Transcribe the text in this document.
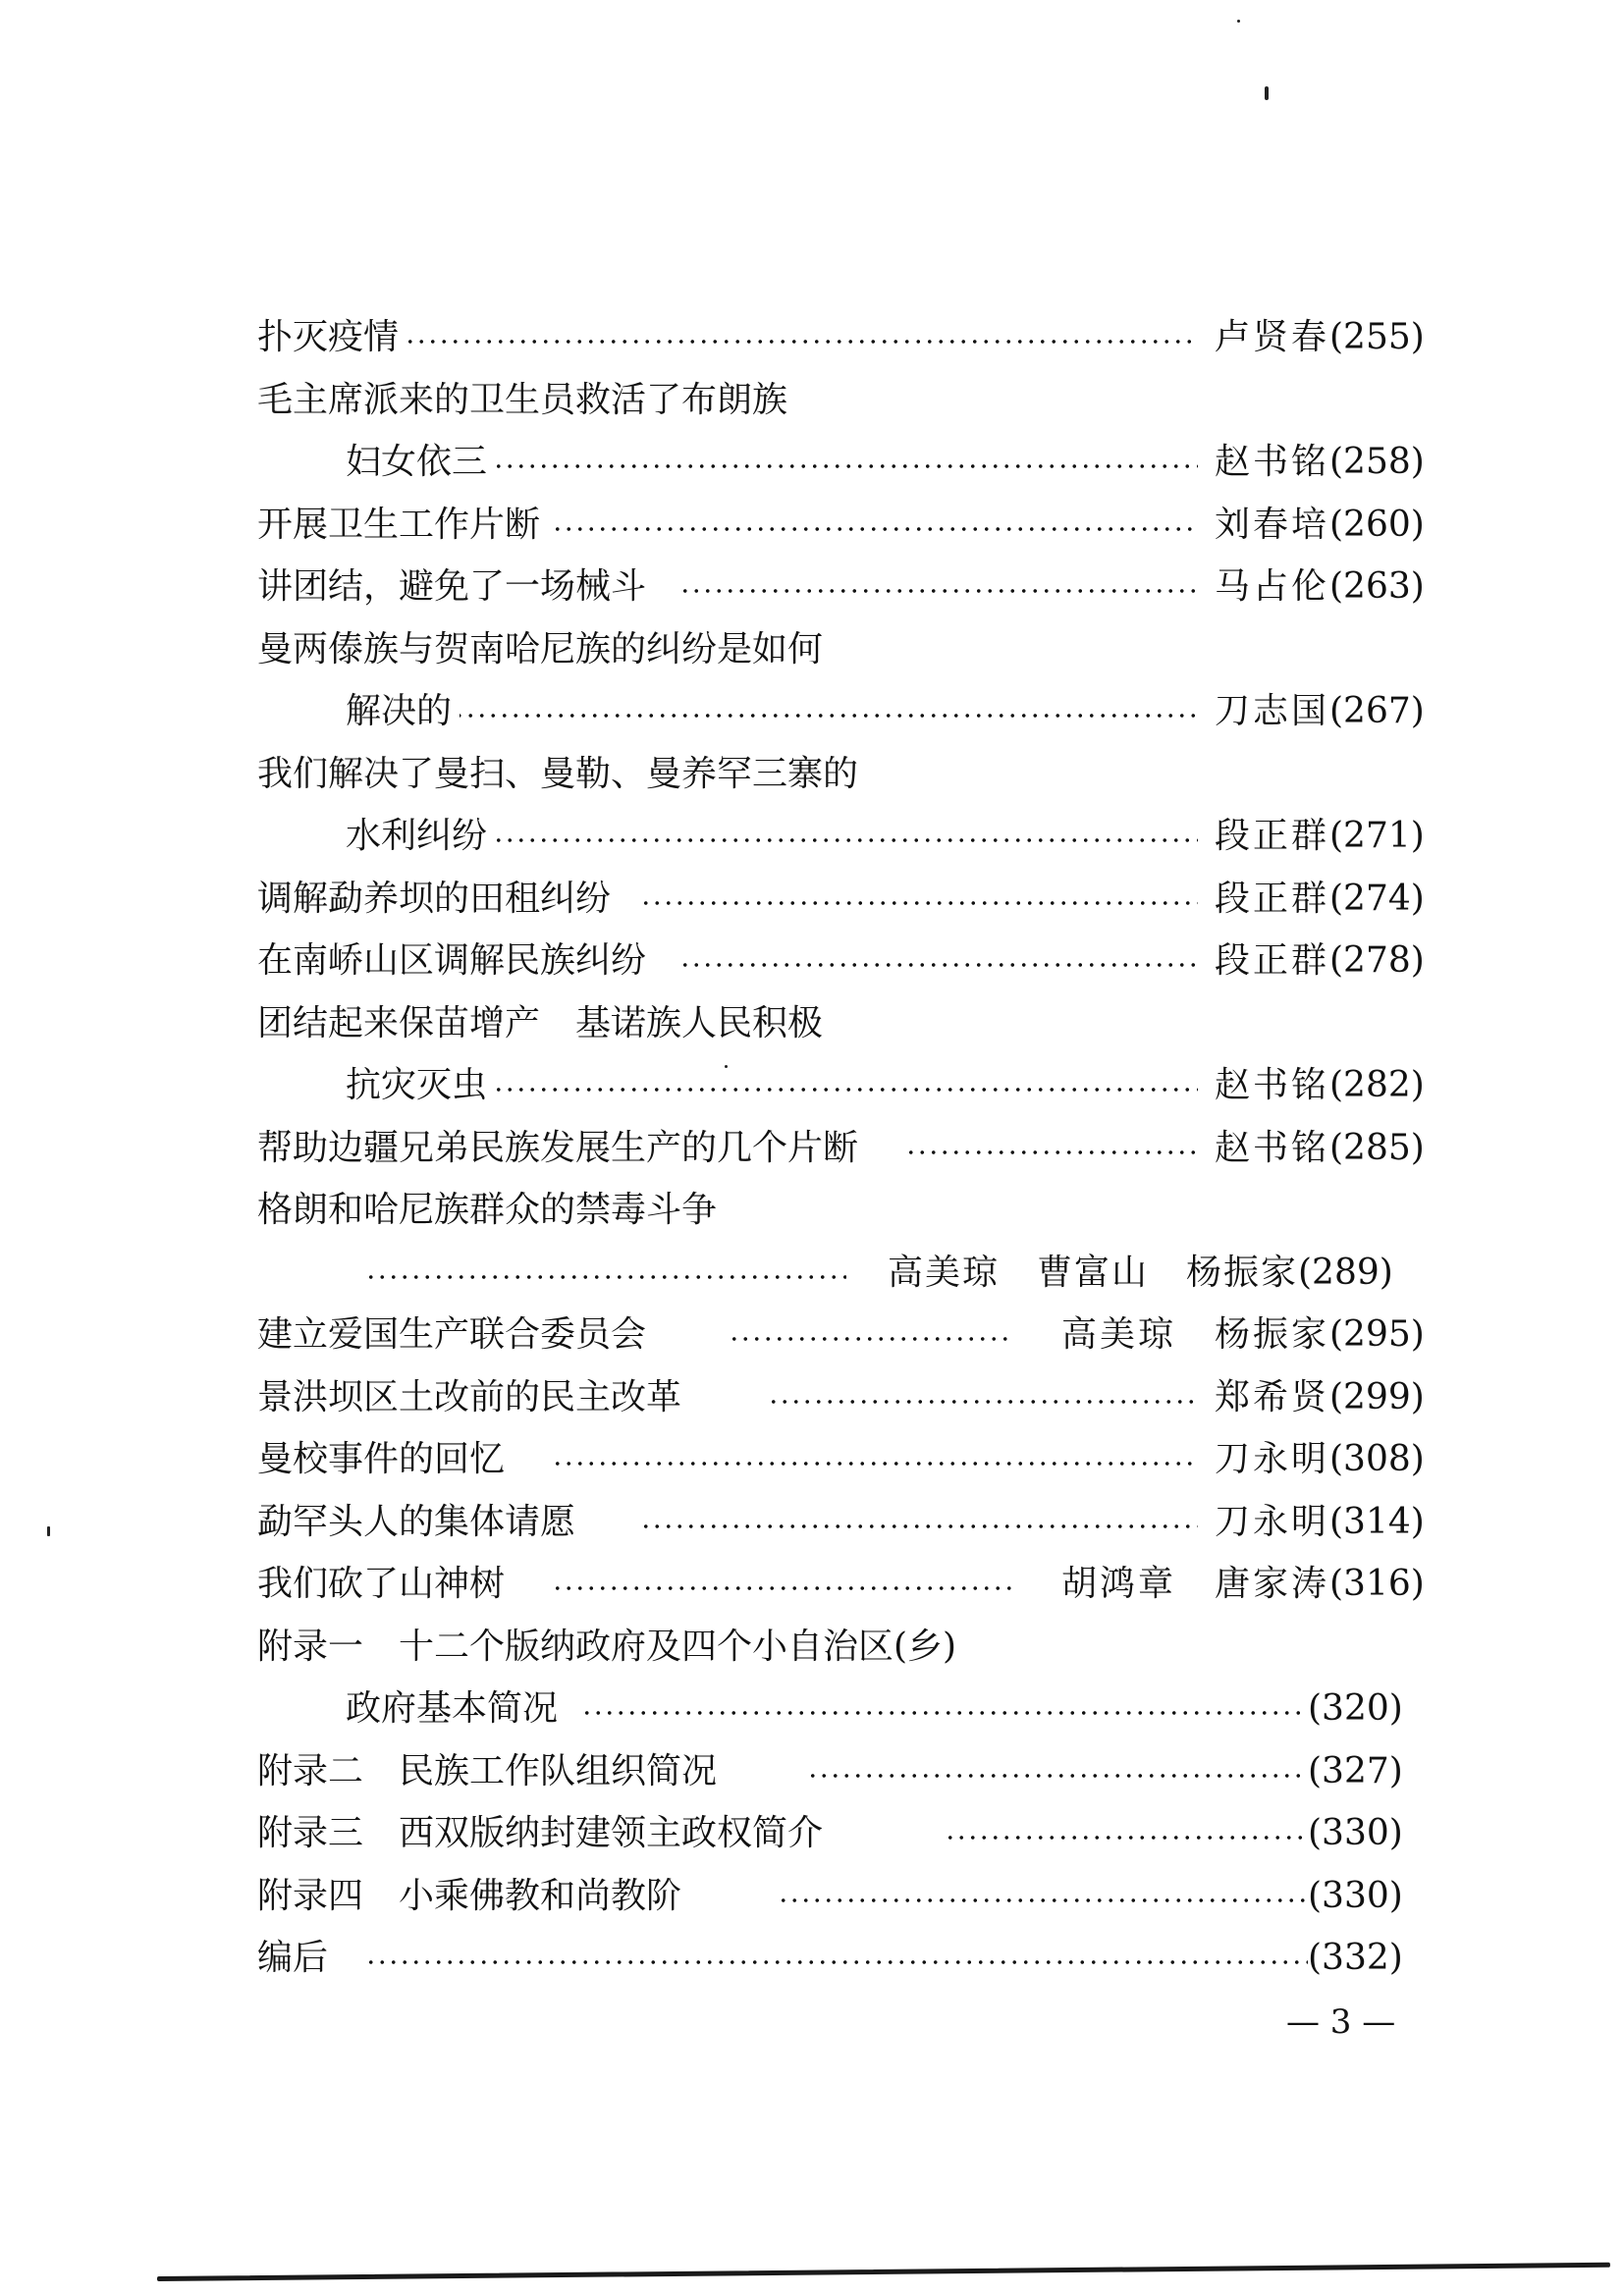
扑灭疫情	卢贤春 (255)
毛主席派来的卫生员救活了布朗族
妇女依三	赵书铭 (258)
开展卫生工作片断	刘春培 (260)
讲团结，避免了一场械斗	马占伦 (263)
曼两傣族与贺南哈尼族的纠纷是如何
解决的	刀志国 (267)
我们解决了曼扫、曼勒、曼养罕三寨的
水利纠纷	段正群 (271)
调解勐养坝的田租纠纷	段正群 (274)
在南峤山区调解民族纠纷	段正群 (278)
团结起来保苗增产　基诺族人民积极
抗灾灭虫	赵书铭 (282)
帮助边疆兄弟民族发展生产的几个片断	赵书铭 (285)
格朗和哈尼族群众的禁毒斗争
高美琼　曹富山　杨振家 (289)
建立爱国生产联合委员会	高美琼　杨振家 (295)
景洪坝区土改前的民主改革	郑希贤 (299)
曼校事件的回忆	刀永明 (308)
勐罕头人的集体请愿	刀永明 (314)
我们砍了山神树	胡鸿章　唐家涛 (316)
附录一　十二个版纳政府及四个小自治区(乡)
政府基本简况	(320)
附录二　民族工作队组织简况	(327)
附录三　西双版纳封建领主政权简介	(330)
附录四　小乘佛教和尚教阶	(330)
编后	(332)
— 3 —
